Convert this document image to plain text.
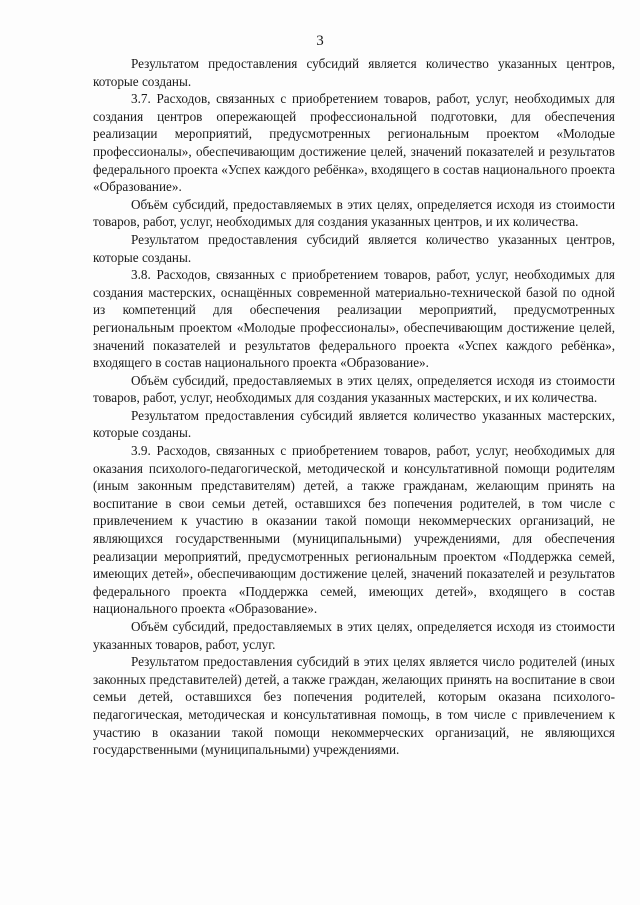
3

Результатом предоставления субсидий является количество указанных центров, которые созданы.

3.7. Расходов, связанных с приобретением товаров, работ, услуг, необходимых для создания центров опережающей профессиональной подготовки, для обеспечения реализации мероприятий, предусмотренных региональным проектом «Молодые профессионалы», обеспечивающим достижение целей, значений показателей и результатов федерального проекта «Успех каждого ребёнка», входящего в состав национального проекта «Образование».

Объём субсидий, предоставляемых в этих целях, определяется исходя из стоимости товаров, работ, услуг, необходимых для создания указанных центров, и их количества.

Результатом предоставления субсидий является количество указанных центров, которые созданы.

3.8. Расходов, связанных с приобретением товаров, работ, услуг, необходимых для создания мастерских, оснащённых современной материально-технической базой по одной из компетенций для обеспечения реализации мероприятий, предусмотренных региональным проектом «Молодые профессионалы», обеспечивающим достижение целей, значений показателей и результатов федерального проекта «Успех каждого ребёнка», входящего в состав национального проекта «Образование».

Объём субсидий, предоставляемых в этих целях, определяется исходя из стоимости товаров, работ, услуг, необходимых для создания указанных мастерских, и их количества.

Результатом предоставления субсидий является количество указанных мастерских, которые созданы.

3.9. Расходов, связанных с приобретением товаров, работ, услуг, необходимых для оказания психолого-педагогической, методической и консультативной помощи родителям (иным законным представителям) детей, а также гражданам, желающим принять на воспитание в свои семьи детей, оставшихся без попечения родителей, в том числе с привлечением к участию в оказании такой помощи некоммерческих организаций, не являющихся государственными (муниципальными) учреждениями, для обеспечения реализации мероприятий, предусмотренных региональным проектом «Поддержка семей, имеющих детей», обеспечивающим достижение целей, значений показателей и результатов федерального проекта «Поддержка семей, имеющих детей», входящего в состав национального проекта «Образование».

Объём субсидий, предоставляемых в этих целях, определяется исходя из стоимости указанных товаров, работ, услуг.

Результатом предоставления субсидий в этих целях является число родителей (иных законных представителей) детей, а также граждан, желающих принять на воспитание в свои семьи детей, оставшихся без попечения родителей, которым оказана психолого-педагогическая, методическая и консультативная помощь, в том числе с привлечением к участию в оказании такой помощи некоммерческих организаций, не являющихся государственными (муниципальными) учреждениями.
